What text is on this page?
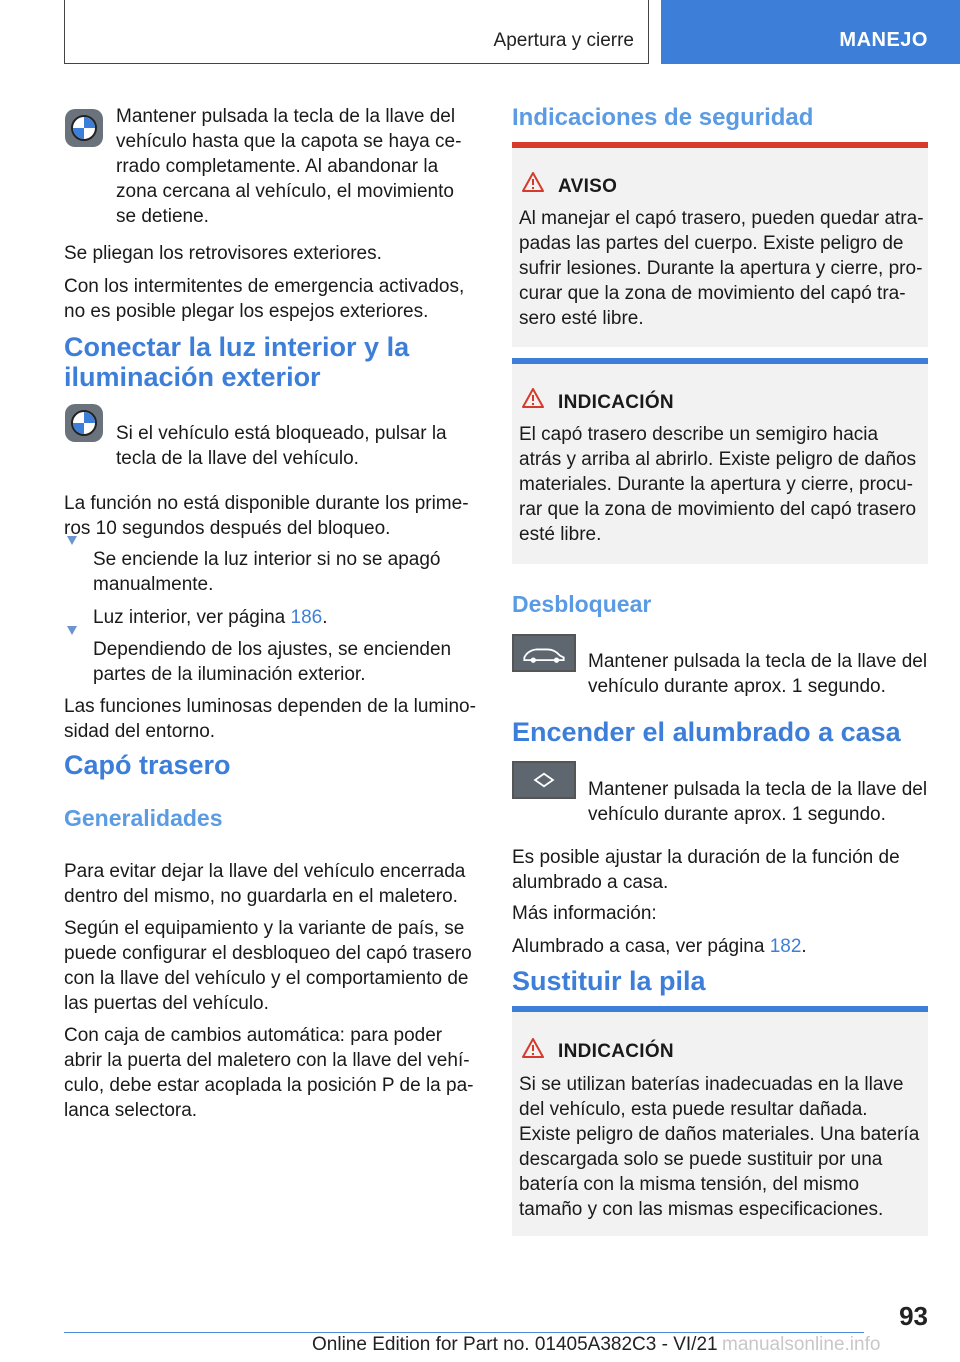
Apertura y cierre	MANEJO

Mantener pulsada la tecla de la llave del vehículo hasta que la capota se haya cerrado completamente. Al abandonar la zona cercana al vehículo, el movimiento se detiene.

Se pliegan los retrovisores exteriores.

Con los intermitentes de emergencia activados, no es posible plegar los espejos exteriores.

Conectar la luz interior y la iluminación exterior

Si el vehículo está bloqueado, pulsar la tecla de la llave del vehículo.

La función no está disponible durante los primeros 10 segundos después del bloqueo.

Se enciende la luz interior si no se apagó manualmente.

Luz interior, ver página 186.

Dependiendo de los ajustes, se encienden partes de la iluminación exterior.

Las funciones luminosas dependen de la luminosidad del entorno.

Capó trasero
Generalidades

Para evitar dejar la llave del vehículo encerrada dentro del mismo, no guardarla en el maletero.

Según el equipamiento y la variante de país, se puede configurar el desbloqueo del capó trasero con la llave del vehículo y el comportamiento de las puertas del vehículo.

Con caja de cambios automática: para poder abrir la puerta del maletero con la llave del vehículo, debe estar acoplada la posición P de la palanca selectora.

Indicaciones de seguridad
AVISO

Al manejar el capó trasero, pueden quedar atrapadas las partes del cuerpo. Existe peligro de sufrir lesiones. Durante la apertura y cierre, procurar que la zona de movimiento del capó trasero esté libre.

INDICACIÓN

El capó trasero describe un semigiro hacia atrás y arriba al abrirlo. Existe peligro de daños materiales. Durante la apertura y cierre, procurar que la zona de movimiento del capó trasero esté libre.

Desbloquear

Mantener pulsada la tecla de la llave del vehículo durante aprox. 1 segundo.

Encender el alumbrado a casa

Mantener pulsada la tecla de la llave del vehículo durante aprox. 1 segundo.

Es posible ajustar la duración de la función de alumbrado a casa.

Más información:

Alumbrado a casa, ver página 182.

Sustituir la pila
INDICACIÓN

Si se utilizan baterías inadecuadas en la llave del vehículo, esta puede resultar dañada. Existe peligro de daños materiales. Una batería descargada solo se puede sustituir por una batería con la misma tensión, del mismo tamaño y con las mismas especificaciones.

93
Online Edition for Part no. 01405A382C3 - VI/21 manualsonline.info
